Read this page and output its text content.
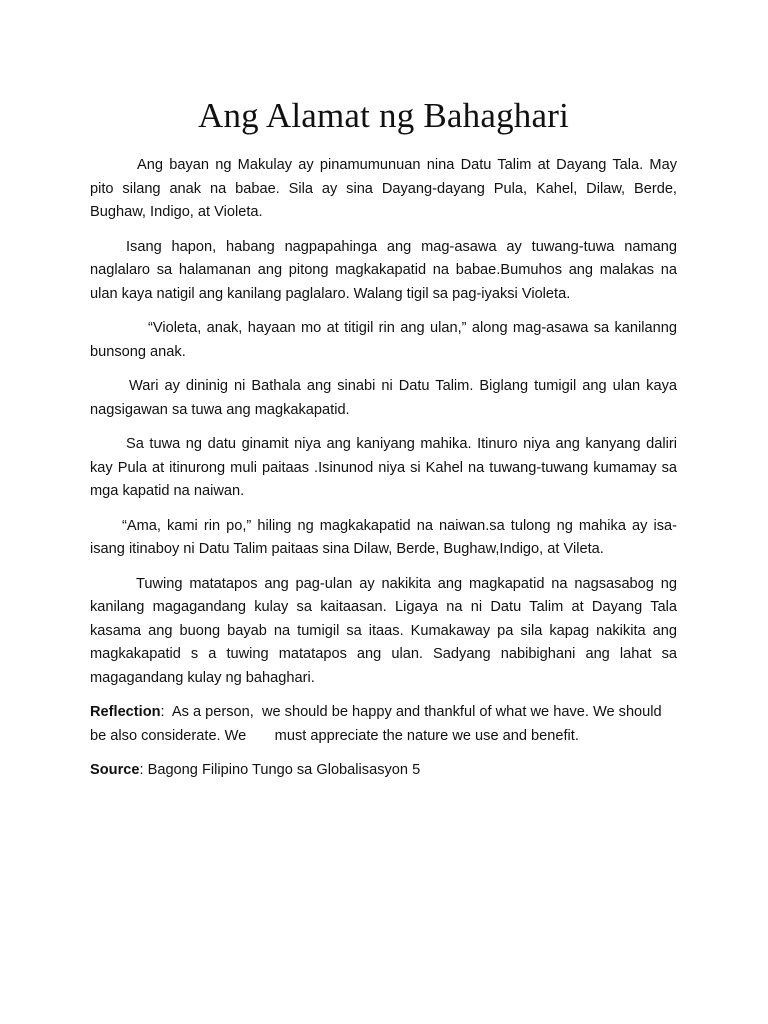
Ang Alamat ng Bahaghari

Ang bayan ng Makulay ay pinamumunuan nina Datu Talim at Dayang Tala. May pito silang anak na babae. Sila ay sina Dayang-dayang Pula, Kahel, Dilaw, Berde, Bughaw, Indigo, at Violeta.

Isang hapon, habang nagpapahinga ang mag-asawa ay tuwang-tuwa namang naglalaro sa halamanan ang pitong magkakapatid na babae.Bumuhos ang malakas na ulan kaya natigil ang kanilang paglalaro. Walang tigil sa pag-iyaksi Violeta.

“Violeta, anak, hayaan mo at titigil rin ang ulan,” along mag-asawa sa kanilanng bunsong anak.

Wari ay dininig ni Bathala ang sinabi ni Datu Talim. Biglang tumigil ang ulan kaya nagsigawan sa tuwa ang magkakapatid.

Sa tuwa ng datu ginamit niya ang kaniyang mahika. Itinuro niya ang kanyang daliri kay Pula at itinurong muli paitaas .Isinunod niya si Kahel na tuwang-tuwang kumamay sa mga kapatid na naiwan.

“Ama, kami rin po,” hiling ng magkakapatid na naiwan.sa tulong ng mahika ay isa-isang itinaboy ni Datu Talim paitaas sina Dilaw, Berde, Bughaw,Indigo, at Vileta.

Tuwing matatapos ang pag-ulan ay nakikita ang magkapatid na nagsasabog ng kanilang magagandang kulay sa kaitaasan. Ligaya na ni Datu Talim at Dayang Tala kasama ang buong bayab na tumigil sa itaas. Kumakaway pa sila kapag nakikita ang magkakapatid s a tuwing matatapos ang ulan. Sadyang nabibighani ang lahat sa magagandang kulay ng bahaghari.

Reflection:  As a person,  we should be happy and thankful of what we have. We should be also considerate. We       must appreciate the nature we use and benefit.

Source: Bagong Filipino Tungo sa Globalisasyon 5
